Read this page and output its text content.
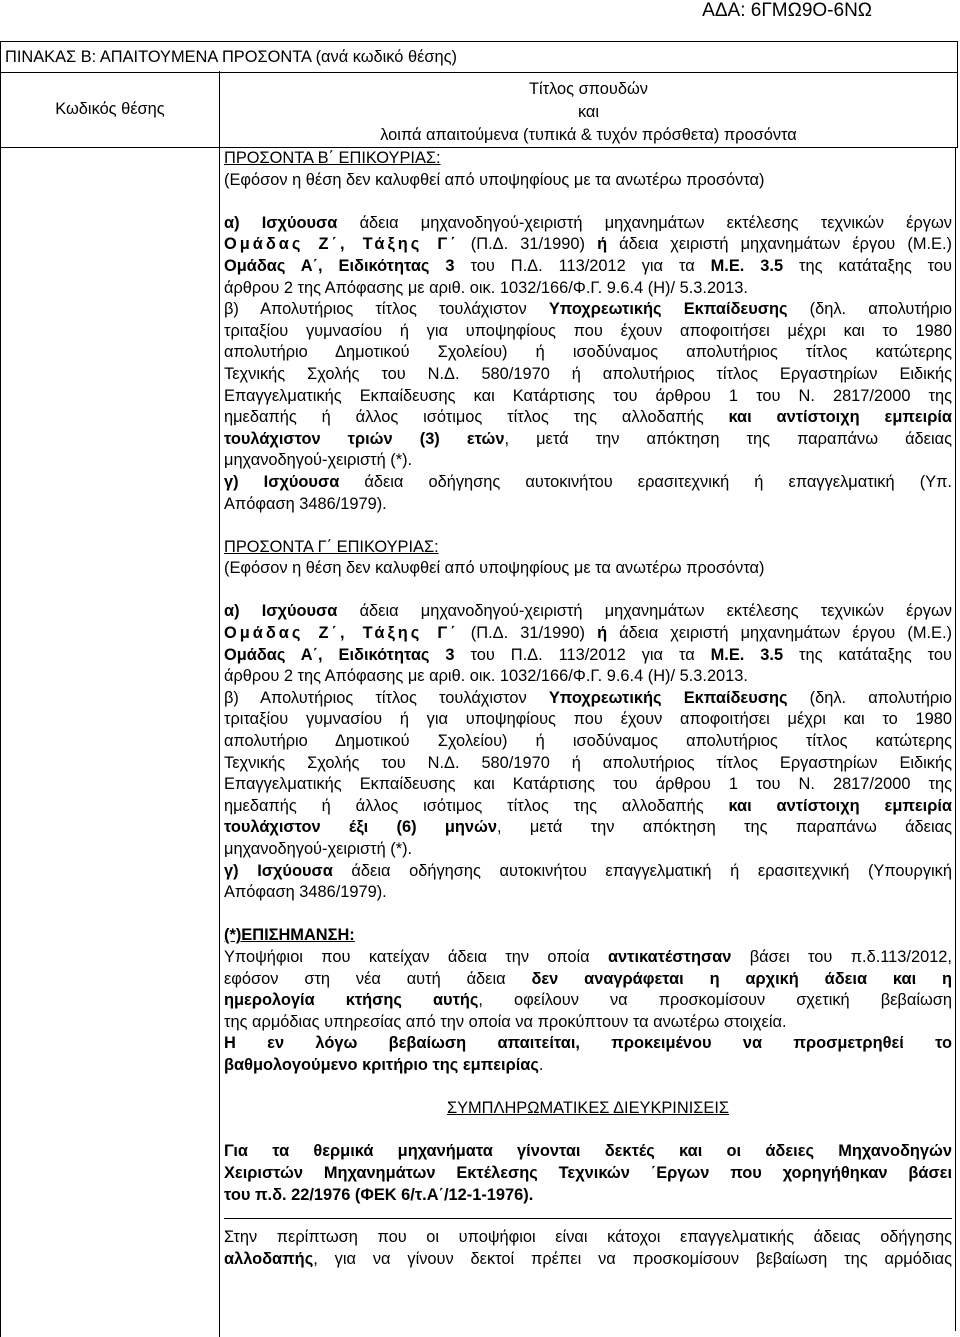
ΑΔΑ: 6ΓΜΩ9Ο-6ΝΩ
ΠΙΝΑΚΑΣ Β: ΑΠΑΙΤΟΥΜΕΝΑ ΠΡΟΣΟΝΤΑ (ανά κωδικό θέσης)
Κωδικός θέσης
Τίτλος σπουδών
και
λοιπά απαιτούμενα (τυπικά & τυχόν πρόσθετα) προσόντα

ΠΡΟΣΟΝΤΑ Β΄ ΕΠΙΚΟΥΡΙΑΣ:

(Εφόσον η θέση δεν καλυφθεί από υποψηφίους με τα ανωτέρω προσόντα)

α) Ισχύουσα άδεια μηχανοδηγού-χειριστή μηχανημάτων εκτέλεσης τεχνικών έργων

Ομάδας Ζ΄, Τάξης Γ΄ (Π.Δ. 31/1990) ή άδεια χειριστή μηχανημάτων έργου (Μ.Ε.)

Ομάδας Α΄, Ειδικότητας 3 του Π.Δ. 113/2012 για τα Μ.Ε. 3.5 της κατάταξης του

άρθρου 2 της Απόφασης με αριθ. οικ. 1032/166/Φ.Γ. 9.6.4 (Η)/ 5.3.2013.

β) Απολυτήριος τίτλος τουλάχιστον Υποχρεωτικής Εκπαίδευσης (δηλ. απολυτήριο

τριταξίου γυμνασίου ή για υποψηφίους που έχουν αποφοιτήσει μέχρι και το 1980

απολυτήριο Δημοτικού Σχολείου) ή ισοδύναμος απολυτήριος τίτλος κατώτερης

Τεχνικής Σχολής του Ν.Δ. 580/1970 ή απολυτήριος τίτλος Εργαστηρίων Ειδικής

Επαγγελματικής Εκπαίδευσης και Κατάρτισης του άρθρου 1 του Ν. 2817/2000 της

ημεδαπής ή άλλος ισότιμος τίτλος της αλλοδαπής και αντίστοιχη εμπειρία

τουλάχιστον τριών (3) ετών, μετά την απόκτηση της παραπάνω άδειας

μηχανοδηγού-χειριστή (*).

γ) Ισχύουσα άδεια οδήγησης αυτοκινήτου ερασιτεχνική ή επαγγελματική (Υπ.

Απόφαση 3486/1979).

ΠΡΟΣΟΝΤΑ Γ΄ ΕΠΙΚΟΥΡΙΑΣ:

(Εφόσον η θέση δεν καλυφθεί από υποψηφίους με τα ανωτέρω προσόντα)

α) Ισχύουσα άδεια μηχανοδηγού-χειριστή μηχανημάτων εκτέλεσης τεχνικών έργων

Ομάδας Ζ΄, Τάξης Γ΄ (Π.Δ. 31/1990) ή άδεια χειριστή μηχανημάτων έργου (Μ.Ε.)

Ομάδας Α΄, Ειδικότητας 3 του Π.Δ. 113/2012 για τα Μ.Ε. 3.5 της κατάταξης του

άρθρου 2 της Απόφασης με αριθ. οικ. 1032/166/Φ.Γ. 9.6.4 (Η)/ 5.3.2013.

β) Απολυτήριος τίτλος τουλάχιστον Υποχρεωτικής Εκπαίδευσης (δηλ. απολυτήριο

τριταξίου γυμνασίου ή για υποψηφίους που έχουν αποφοιτήσει μέχρι και το 1980

απολυτήριο Δημοτικού Σχολείου) ή ισοδύναμος απολυτήριος τίτλος κατώτερης

Τεχνικής Σχολής του Ν.Δ. 580/1970 ή απολυτήριος τίτλος Εργαστηρίων Ειδικής

Επαγγελματικής Εκπαίδευσης και Κατάρτισης του άρθρου 1 του Ν. 2817/2000 της

ημεδαπής ή άλλος ισότιμος τίτλος της αλλοδαπής και αντίστοιχη εμπειρία

τουλάχιστον έξι (6) μηνών, μετά την απόκτηση της παραπάνω άδειας

μηχανοδηγού-χειριστή (*).

γ) Ισχύουσα άδεια οδήγησης αυτοκινήτου επαγγελματική ή ερασιτεχνική (Υπουργική

Απόφαση 3486/1979).

(*)ΕΠΙΣΗΜΑΝΣΗ:

Υποψήφιοι που κατείχαν άδεια την οποία αντικατέστησαν βάσει του π.δ.113/2012,

εφόσον στη νέα αυτή άδεια δεν αναγράφεται η αρχική άδεια και η

ημερολογία κτήσης αυτής, οφείλουν να προσκομίσουν σχετική βεβαίωση

της αρμόδιας υπηρεσίας από την οποία να προκύπτουν τα ανωτέρω στοιχεία.

Η εν λόγω βεβαίωση απαιτείται, προκειμένου να προσμετρηθεί το

βαθμολογούμενο κριτήριο της εμπειρίας.

ΣΥΜΠΛΗΡΩΜΑΤΙΚΕΣ ΔΙΕΥΚΡΙΝΙΣΕΙΣ

Για τα θερμικά μηχανήματα γίνονται δεκτές και οι άδειες Μηχανοδηγών

Χειριστών Μηχανημάτων Εκτέλεσης Τεχνικών ΄Εργων που χορηγήθηκαν βάσει

του π.δ. 22/1976 (ΦΕΚ 6/τ.Α΄/12-1-1976).

Στην περίπτωση που οι υποψήφιοι είναι κάτοχοι επαγγελματικής άδειας οδήγησης

αλλοδαπής, για να γίνουν δεκτοί πρέπει να προσκομίσουν βεβαίωση της αρμόδιας
